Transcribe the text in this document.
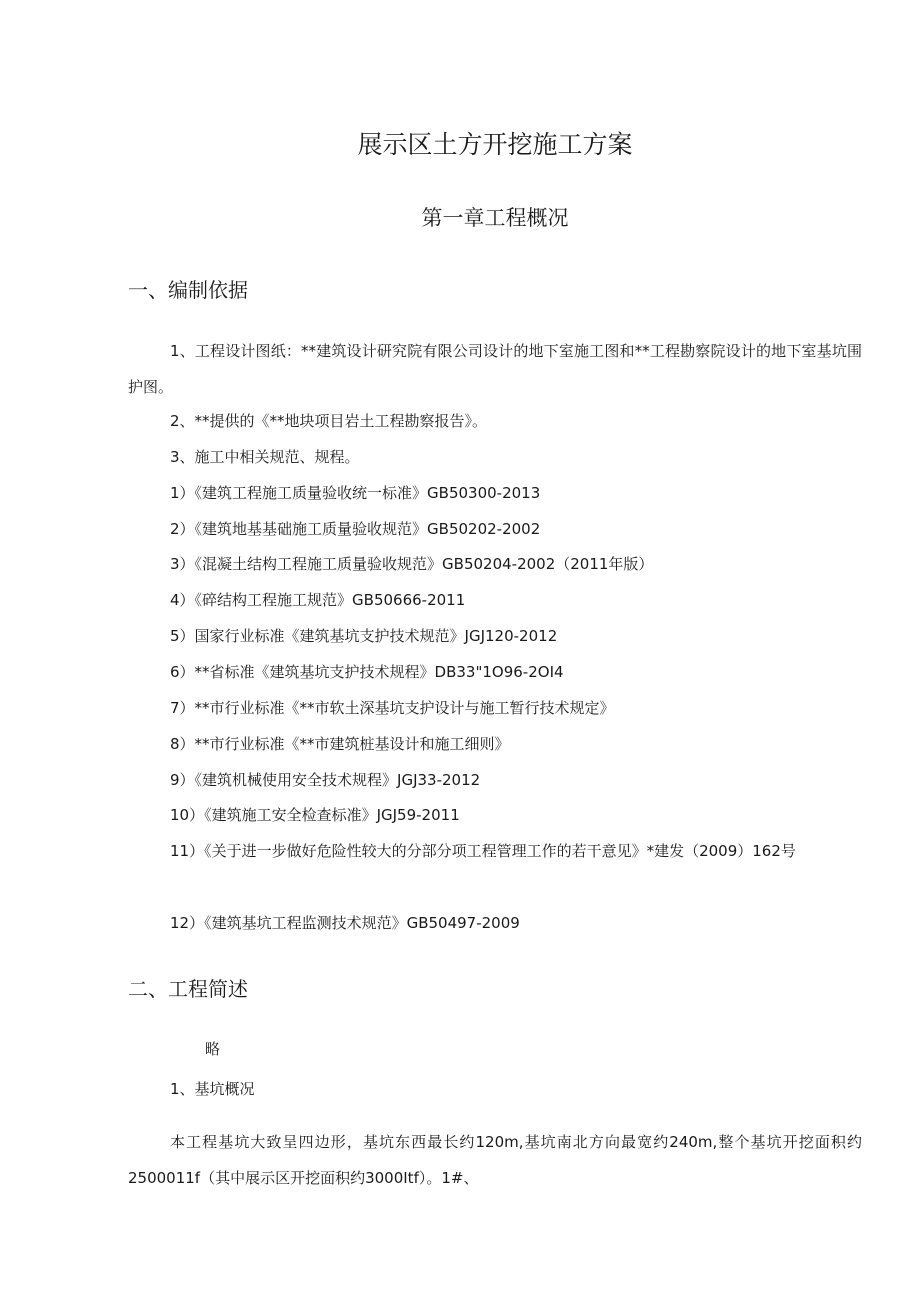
展示区土方开挖施工方案
第一章工程概况
一、编制依据

1、工程设计图纸：**建筑设计研究院有限公司设计的地下室施工图和**工程勘察院设计的地下室基坑围护图。

2、**提供的《**地块项目岩土工程勘察报告》。

3、施工中相关规范、规程。

1）《建筑工程施工质量验收统一标准》GB50300-2013

2）《建筑地基基础施工质量验收规范》GB50202-2002

3）《混凝土结构工程施工质量验收规范》GB50204-2002（2011年版）

4）《碎结构工程施工规范》GB50666-2011

5）国家行业标准《建筑基坑支护技术规范》JGJ120-2012

6）**省标准《建筑基坑支护技术规程》DB33"1O96-2OI4

7）**市行业标准《**市软土深基坑支护设计与施工暂行技术规定》

8）**市行业标准《**市建筑桩基设计和施工细则》

9）《建筑机械使用安全技术规程》JGJ33-2012

10）《建筑施工安全检查标准》JGJ59-2011

11）《关于进一步做好危险性较大的分部分项工程管理工作的若干意见》*建发（2009）162号

12）《建筑基坑工程监测技术规范》GB50497-2009

二、工程简述

略

1、基坑概况

本工程基坑大致呈四边形，基坑东西最长约120m,基坑南北方向最宽约240m,整个基坑开挖面积约2500011f（其中展示区开挖面积约3000Itf）。1#、
